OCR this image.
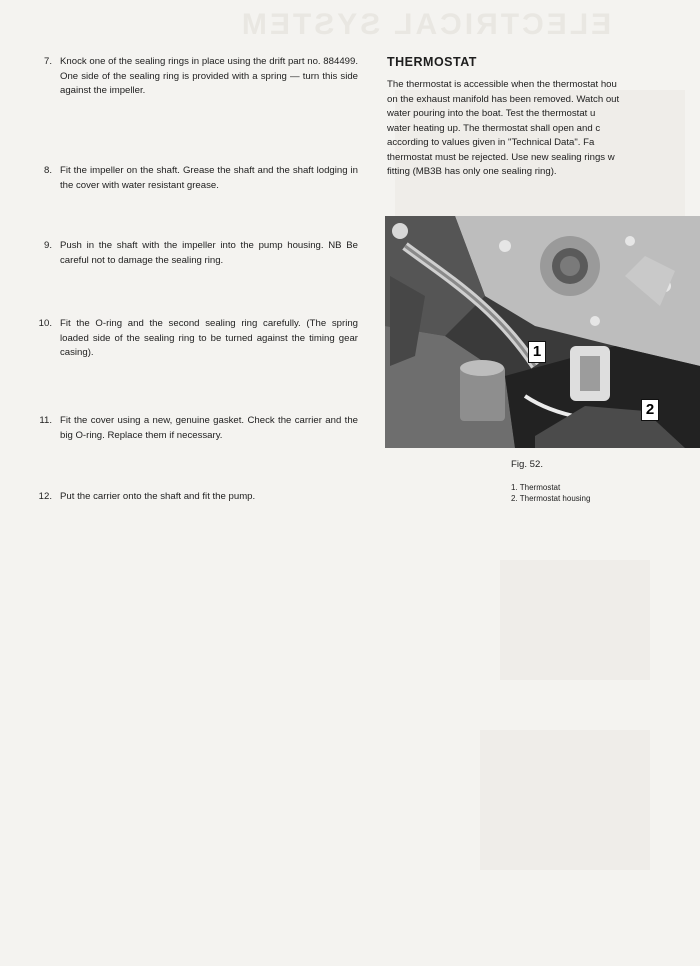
ELECTRICAL SYSTEM
7. Knock one of the sealing rings in place using the drift part no. 884499. One side of the sealing ring is provided with a spring — turn this side against the impeller.
8. Fit the impeller on the shaft. Grease the shaft and the shaft lodging in the cover with water resistant grease.
9. Push in the shaft with the impeller into the pump housing. NB Be careful not to damage the sealing ring.
10. Fit the O-ring and the second sealing ring carefully. (The spring loaded side of the sealing ring to be turned against the timing gear casing).
11. Fit the cover using a new, genuine gasket. Check the carrier and the big O-ring. Replace them if necessary.
12. Put the carrier onto the shaft and fit the pump.
THERMOSTAT

The thermostat is accessible when the thermostat hou
on the exhaust manifold has been removed. Watch out
water pouring into the boat. Test the thermostat u
water heating up. The thermostat shall open and c
according to values given in "Technical Data". Fa
thermostat must be rejected. Use new sealing rings w
fitting (MB3B has only one sealing ring).

1
2
Fig. 52.
1. Thermostat
2. Thermostat housing
